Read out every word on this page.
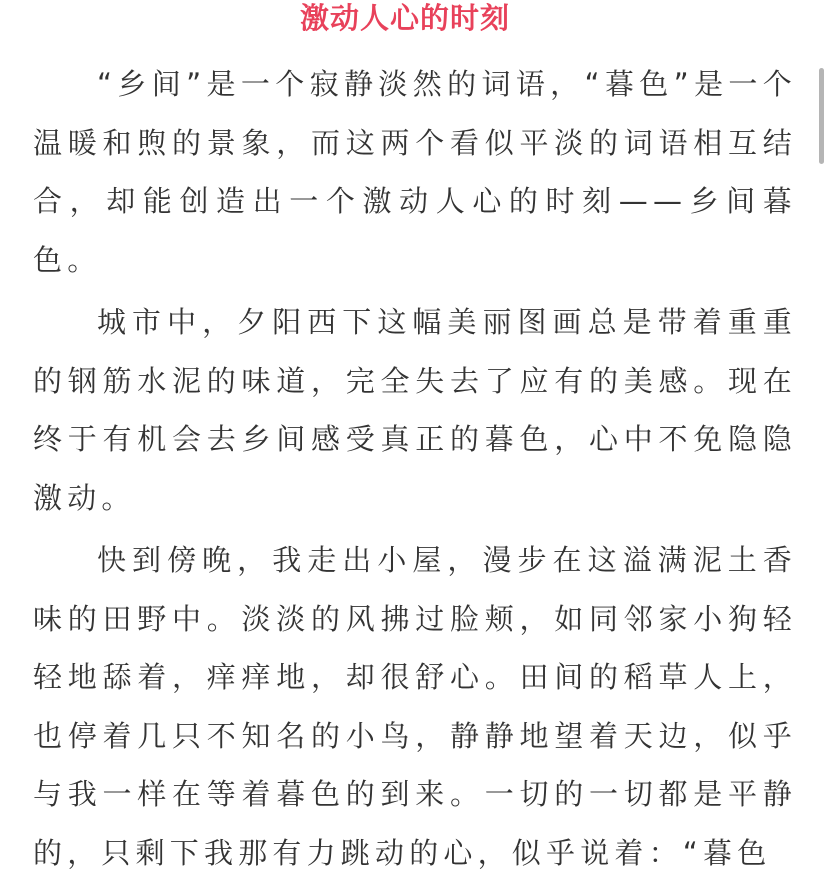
激动人心的时刻

“乡间”是一个寂静淡然的词语，“暮色”是一个温暖和煦的景象，而这两个看似平淡的词语相互结合，却能创造出一个激动人心的时刻——乡间暮色。

城市中，夕阳西下这幅美丽图画总是带着重重的钢筋水泥的味道，完全失去了应有的美感。现在终于有机会去乡间感受真正的暮色，心中不免隐隐激动。

快到傍晚，我走出小屋，漫步在这溢满泥土香味的田野中。淡淡的风拂过脸颊，如同邻家小狗轻轻地舔着，痒痒地，却很舒心。田间的稻草人上，也停着几只不知名的小鸟，静静地望着天边，似乎与我一样在等着暮色的到来。一切的一切都是平静的，只剩下我那有力跳动的心，似乎说着：“暮色
